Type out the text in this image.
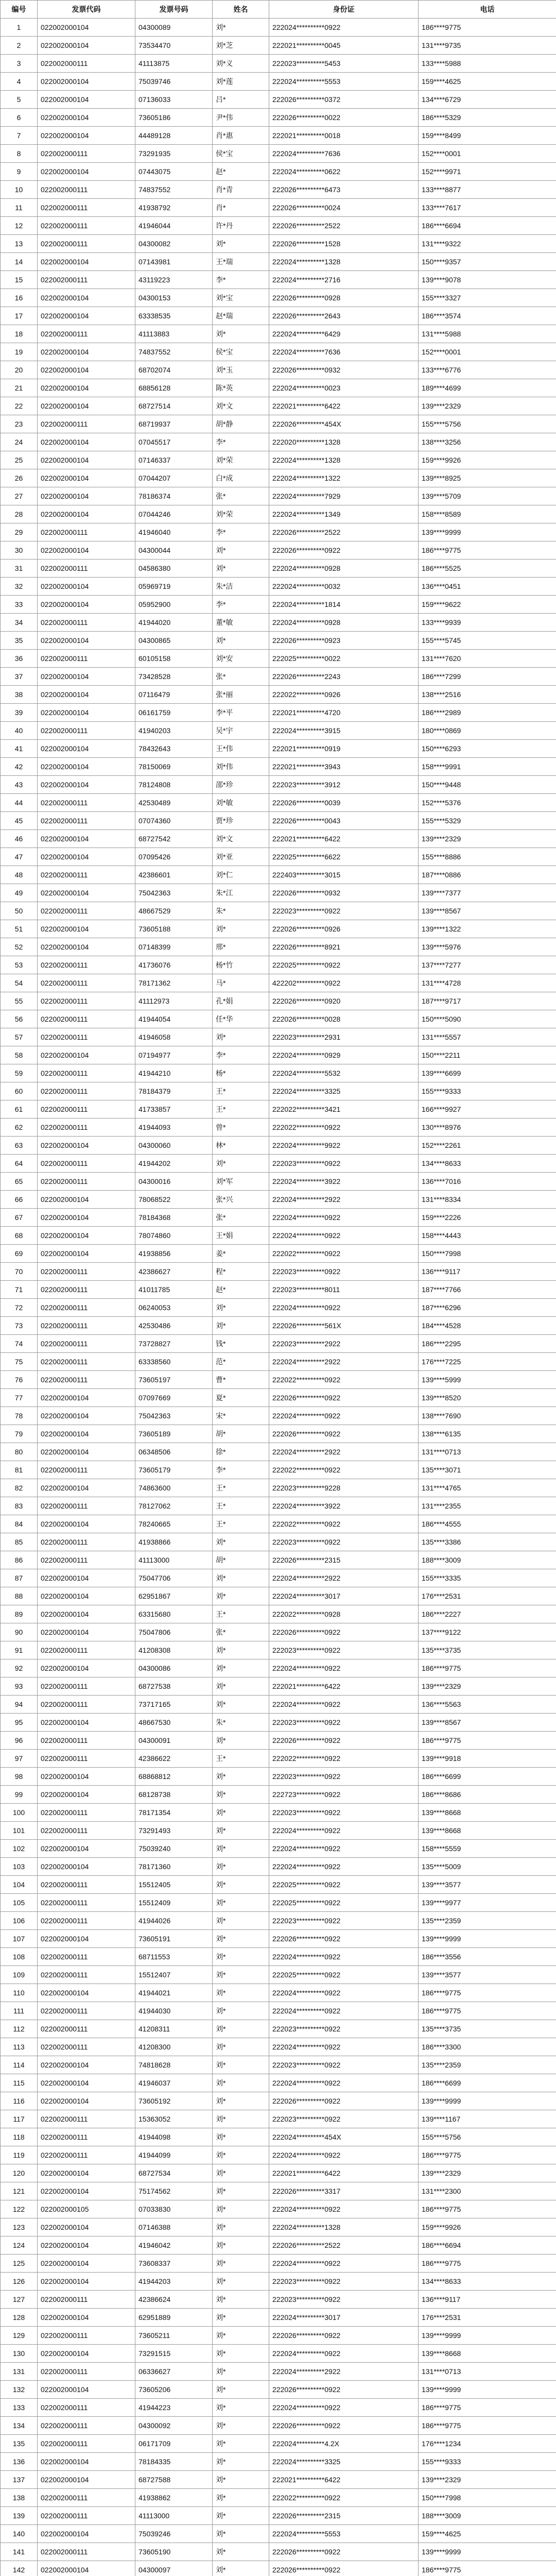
编号	发票代码	发票号码	姓名	身份证	电话
1	022002000104	04300089	刘*	222024**********0922	186****9775
2	022002000104	73534470	刘*芝	222021**********0045	131****9735
3	022002000111	41113875	刘*义	222023**********5453	133****5988
4	022002000104	75039746	刘*莲	222024**********5553	159****4625
5	022002000104	07136033	吕*	222026**********0372	134****6729
6	022002000104	73605186	尹*伟	222026**********0022	186****5329
7	022002000104	44489128	肖*惠	222021**********0018	159****8499
8	022002000111	73291935	侯*宝	222024**********7636	152****0001
9	022002000104	07443075	赵*	222024**********0622	152****9971
10	022002000111	74837552	肖*青	222026**********6473	133****8877
11	022002000111	41938792	肖*	222026**********0024	133****7617
12	022002000111	41946044	许*丹	222026**********2522	186****6694
13	022002000111	04300082	刘*	222026**********1528	131****9322
14	022002000104	07143981	王*瑞	222024**********1328	150****9357
15	022002000111	43119223	李*	222024**********2716	139****9078
16	022002000104	04300153	刘*宝	222026**********0928	155****3327
17	022002000104	63338535	赵*瑞	222026**********2643	186****3574
18	022002000111	41113883	刘*	222024**********6429	131****5988
19	022002000104	74837552	侯*宝	222024**********7636	152****0001
20	022002000104	68702074	刘*玉	222026**********0932	133****6776
21	022002000104	68856128	陈*英	222024**********0023	189****4699
22	022002000104	68727514	刘*文	222021**********6422	139****2329
23	022002000111	68719937	胡*静	222026**********454X	155****5756
24	022002000104	07045517	李*	222020**********1328	138****3256
25	022002000104	07146337	刘*荣	222024**********1328	159****9926
26	022002000104	07044207	白*成	222024**********1322	139****8925
27	022002000104	78186374	张*	222024**********7929	139****5709
28	022002000104	07044246	刘*荣	222024**********1349	158****8589
29	022002000111	41946040	李*	222026**********2522	139****9999
30	022002000104	04300044	刘*	222026**********0922	186****9775
31	022002000111	04586380	刘*	222024**********0928	186****5525
32	022002000104	05969719	朱*洁	222024**********0032	136****0451
33	022002000104	05952900	李*	222024**********1814	159****9622
34	022002000111	41944020	董*敏	222024**********0928	133****9939
35	022002000104	04300865	刘*	222026**********0923	155****5745
36	022002000111	60105158	刘*安	222025**********0022	131****7620
37	022002000104	73428528	张*	222026**********2243	186****7299
38	022002000104	07116479	张*丽	222022**********0926	138****2516
39	022002000104	06161759	李*平	222021**********4720	186****2989
40	022002000111	41940203	吴*宇	222024**********3915	180****0869
41	022002000104	78432643	王*伟	222021**********0919	150****6293
42	022002000104	78150069	刘*伟	222021**********3943	158****9991
43	022002000104	78124808	邵*珍	222023**********3912	150****9448
44	022002000111	42530489	刘*敏	222026**********0039	152****5376
45	022002000111	07074360	贾*珍	222026**********0043	155****5329
46	022002000104	68727542	刘*文	222021**********6422	139****2329
47	022002000104	07095426	刘*亚	222025**********6622	155****8886
48	022002000111	42386601	刘*仁	222403**********3015	187****0886
49	022002000104	75042363	朱*江	222026**********0932	139****7377
50	022002000111	48667529	朱*	222023**********0922	139****8567
51	022002000104	73605188	刘*	222026**********0926	139****1322
52	022002000104	07148399	邢*	222026**********8921	139****5976
53	022002000111	41736076	杨*竹	222025**********0922	137****7277
54	022002000111	78171362	马*	422202**********0922	131****4728
55	022002000111	41112973	孔*娟	222026**********0920	187****9717
56	022002000111	41944054	任*华	222026**********0028	150****5090
57	022002000111	41946058	刘*	222023**********2931	131****5557
58	022002000104	07194977	李*	222024**********0929	150****2211
59	022002000111	41944210	杨*	222024**********5532	139****6699
60	022002000111	78184379	王*	222024**********3325	155****9333
61	022002000111	41733857	王*	222022**********3421	166****9927
62	022002000111	41944093	曾*	222022**********0922	130****8976
63	022002000104	04300060	林*	222024**********9922	152****2261
64	022002000111	41944202	刘*	222023**********0922	134****8633
65	022002000111	04300016	刘*军	222024**********3922	136****7016
66	022002000104	78068522	张*兴	222024**********2922	131****8334
67	022002000104	78184368	张*	222024**********0922	159****2226
68	022002000104	78074860	王*娟	222024**********0922	158****4443
69	022002000104	41938856	姜*	222022**********0922	150****7998
70	022002000111	42386627	程*	222023**********0922	136****9117
71	022002000111	41011785	赵*	222023**********8011	187****7766
72	022002000111	06240053	刘*	222024**********0922	187****6296
73	022002000111	42530486	刘*	222026**********561X	184****4528
74	022002000111	73728827	钱*	222023**********2922	186****2295
75	022002000111	63338560	范*	222024**********2922	176****7225
76	022002000111	73605197	曹*	222022**********0922	139****5999
77	022002000104	07097669	夏*	222026**********0922	139****8520
78	022002000104	75042363	宋*	222024**********0922	138****7690
79	022002000104	73605189	胡*	222026**********0922	138****6135
80	022002000104	06348506	徐*	222024**********2922	131****0713
81	022002000111	73605179	李*	222022**********0922	135****3071
82	022002000104	74863600	王*	222023**********9228	131****4765
83	022002000111	78127062	王*	222024**********3922	131****2355
84	022002000104	78240665	王*	222022**********0922	186****4555
85	022002000111	41938866	刘*	222023**********0922	135****3386
86	022002000111	41113000	胡*	222026**********2315	188****3009
87	022002000104	75047706	刘*	222024**********2922	155****3335
88	022002000104	62951867	刘*	222024**********3017	176****2531
89	022002000104	63315680	王*	222022**********0928	186****2227
90	022002000104	75047806	张*	222026**********0922	137****9122
91	022002000111	41208308	刘*	222023**********0922	135****3735
92	022002000104	04300086	刘*	222024**********0922	186****9775
93	022002000111	68727538	刘*	222021**********6422	139****2329
94	022002000111	73717165	刘*	222024**********0922	136****5563
95	022002000104	48667530	朱*	222023**********0922	139****8567
96	022002000111	04300091	刘*	222026**********0922	186****9775
97	022002000111	42386622	王*	222022**********0922	139****9918
98	022002000104	68868812	刘*	222023**********0922	186****6699
99	022002000104	68128738	刘*	222723**********0922	186****8686
100	022002000111	78171354	刘*	222023**********0922	139****8668
101	022002000111	73291493	刘*	222024**********0922	139****8668
102	022002000104	75039240	刘*	222024**********0922	158****5559
103	022002000104	78171360	刘*	222024**********0922	135****5009
104	022002000111	15512405	刘*	222025**********0922	139****3577
105	022002000111	15512409	刘*	222025**********0922	139****9977
106	022002000111	41944026	刘*	222023**********0922	135****2359
107	022002000104	73605191	刘*	222026**********0922	139****9999
108	022002000111	68711553	刘*	222024**********0922	186****3556
109	022002000111	15512407	刘*	222025**********0922	139****3577
110	022002000104	41944021	刘*	222024**********0922	186****9775
111	022002000111	41944030	刘*	222024**********0922	186****9775
112	022002000111	41208311	刘*	222023**********0922	135****3735
113	022002000111	41208300	刘*	222024**********0922	186****3300
114	022002000104	74818628	刘*	222023**********0922	135****2359
115	022002000104	41946037	刘*	222024**********0922	186****6699
116	022002000104	73605192	刘*	222026**********0922	139****9999
117	022002000111	15363052	刘*	222023**********0922	139****1167
118	022002000111	41944098	刘*	222024**********454X	155****5756
119	022002000111	41944099	刘*	222024**********0922	186****9775
120	022002000104	68727534	刘*	222021**********6422	139****2329
121	022002000104	75174562	刘*	222026**********3317	131****2300
122	022002000105	07033830	刘*	222024**********0922	186****9775
123	022002000104	07146388	刘*	222024**********1328	159****9926
124	022002000104	41946042	刘*	222026**********2522	186****6694
125	022002000104	73608337	刘*	222024**********0922	186****9775
126	022002000104	41944203	刘*	222023**********0922	134****8633
127	022002000111	42386624	刘*	222023**********0922	136****9117
128	022002000104	62951889	刘*	222024**********3017	176****2531
129	022002000111	73605211	刘*	222026**********0922	139****9999
130	022002000104	73291515	刘*	222024**********0922	139****8668
131	022002000111	06336627	刘*	222024**********2922	131****0713
132	022002000104	73605206	刘*	222026**********0922	139****9999
133	022002000111	41944223	刘*	222024**********0922	186****9775
134	022002000111	04300092	刘*	222026**********0922	186****9775
135	022002000111	06171709	刘*	222024**********4.2X	176****1234
136	022002000104	78184335	刘*	222024**********3325	155****9333
137	022002000104	68727588	刘*	222021**********6422	139****2329
138	022002000111	41938862	刘*	222022**********0922	150****7998
139	022002000111	41113000	刘*	222026**********2315	188****3009
140	022002000104	75039246	刘*	222024**********5553	159****4625
141	022002000111	73605190	刘*	222026**********0922	139****9999
142	022002000104	04300097	刘*	222026**********0922	186****9775
